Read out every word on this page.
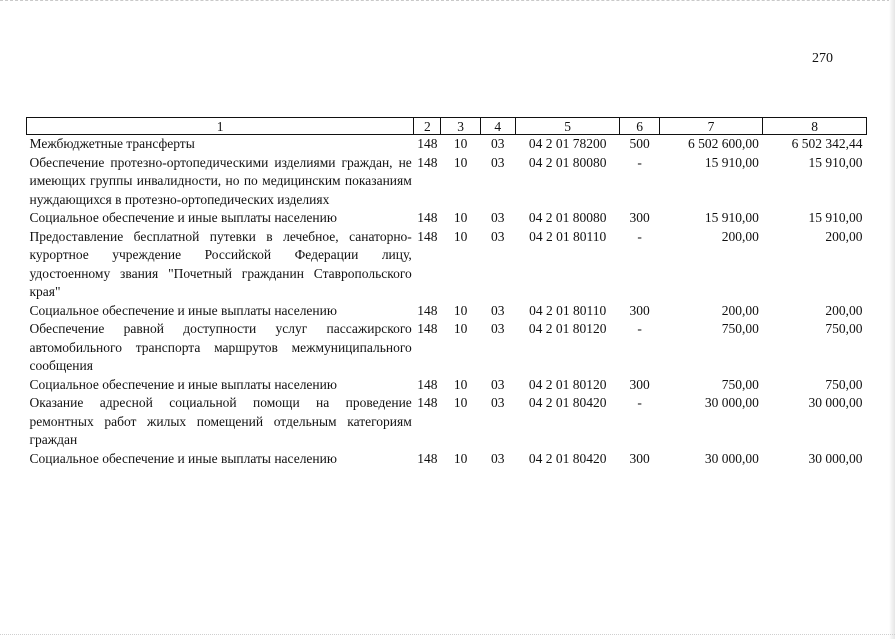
270
1	2	3	4	5	6	7	8
Межбюджетные трансферты	148	10	03	04 2 01 78200	500	6 502 600,00	6 502 342,44
Обеспечение протезно-ортопедическими изделиями граждан, не имеющих группы инвалидности, но по медицинским показаниям нуждающихся в протезно-ортопедических изделиях	148	10	03	04 2 01 80080	-	15 910,00	15 910,00
Социальное обеспечение и иные выплаты населению	148	10	03	04 2 01 80080	300	15 910,00	15 910,00
Предоставление бесплатной путевки в лечебное, санаторно-курортное учреждение Российской Федерации лицу, удостоенному звания "Почетный гражданин Ставропольского края"	148	10	03	04 2 01 80110	-	200,00	200,00
Социальное обеспечение и иные выплаты населению	148	10	03	04 2 01 80110	300	200,00	200,00
Обеспечение равной доступности услуг пассажирского автомобильного транспорта маршрутов межмуниципального сообщения	148	10	03	04 2 01 80120	-	750,00	750,00
Социальное обеспечение и иные выплаты населению	148	10	03	04 2 01 80120	300	750,00	750,00
Оказание адресной социальной помощи на проведение ремонтных работ жилых помещений отдельным категориям граждан	148	10	03	04 2 01 80420	-	30 000,00	30 000,00
Социальное обеспечение и иные выплаты населению	148	10	03	04 2 01 80420	300	30 000,00	30 000,00
